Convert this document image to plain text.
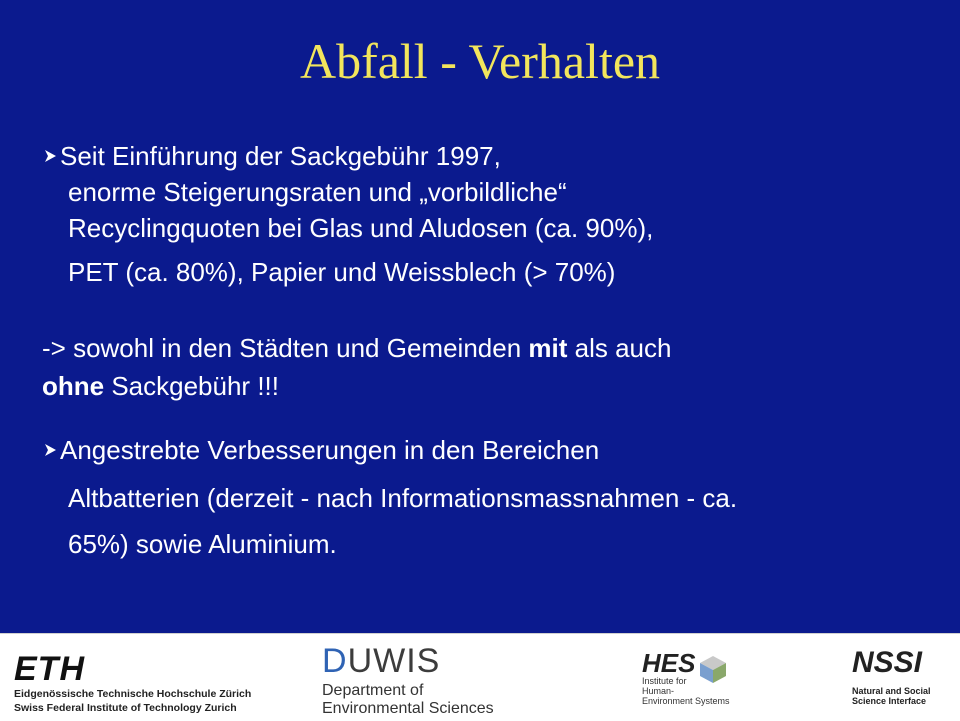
Abfall - Verhalten
Seit Einführung der Sackgebühr 1997,
enorme Steigerungsraten und „vorbildliche“
Recyclingquoten bei Glas und Aludosen (ca. 90%),
PET (ca. 80%), Papier und Weissblech (> 70%)
-> sowohl in den Städten und Gemeinden mit als auch
ohne Sackgebühr !!!
Angestrebte Verbesserungen in den Bereichen
Altbatterien (derzeit - nach Informationsmassnahmen - ca.
65%) sowie Aluminium.
ETH
Eidgenössische Technische Hochschule Zürich
Swiss Federal Institute of Technology Zurich
DUWIS
Department of
Environmental Sciences
HES
Institute for
Human-
Environment Systems
NSSI
Natural and Social
Science Interface
